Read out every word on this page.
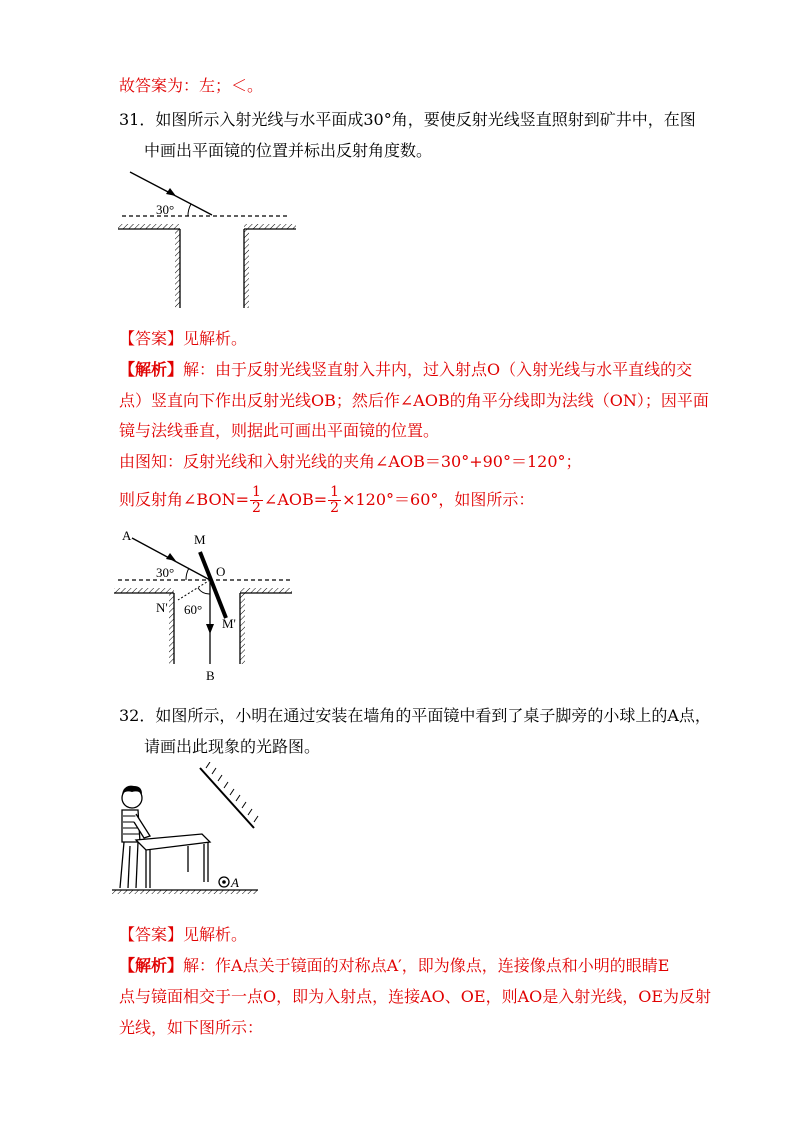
故答案为：左；＜。
31．如图所示入射光线与水平面成30°角，要使反射光线竖直照射到矿井中，在图
中画出平面镜的位置并标出反射角度数。
30°
【答案】见解析。
【解析】解：由于反射光线竖直射入井内，过入射点O（入射光线与水平直线的交
点）竖直向下作出反射光线OB；然后作∠AOB的角平分线即为法线（ON）；因平面
镜与法线垂直，则据此可画出平面镜的位置。
由图知：反射光线和入射光线的夹角∠AOB＝30°+90°＝120°；
则反射角∠BON= $\frac{1}{2}$ ∠AOB= $\frac{1}{2} \times 120^\circ=60^\circ$，如图所示：
A
30°
M
O
N' 60°
M'
B
32．如图所示，小明在通过安装在墙角的平面镜中看到了桌子脚旁的小球上的A点，
请画出此现象的光路图。
A
【答案】见解析。
【解析】解：作A点关于镜面的对称点A′，即为像点，连接像点和小明的眼睛E
点与镜面相交于一点O，即为入射点，连接AO、OE，则AO是入射光线，OE为反射
光线，如下图所示：
